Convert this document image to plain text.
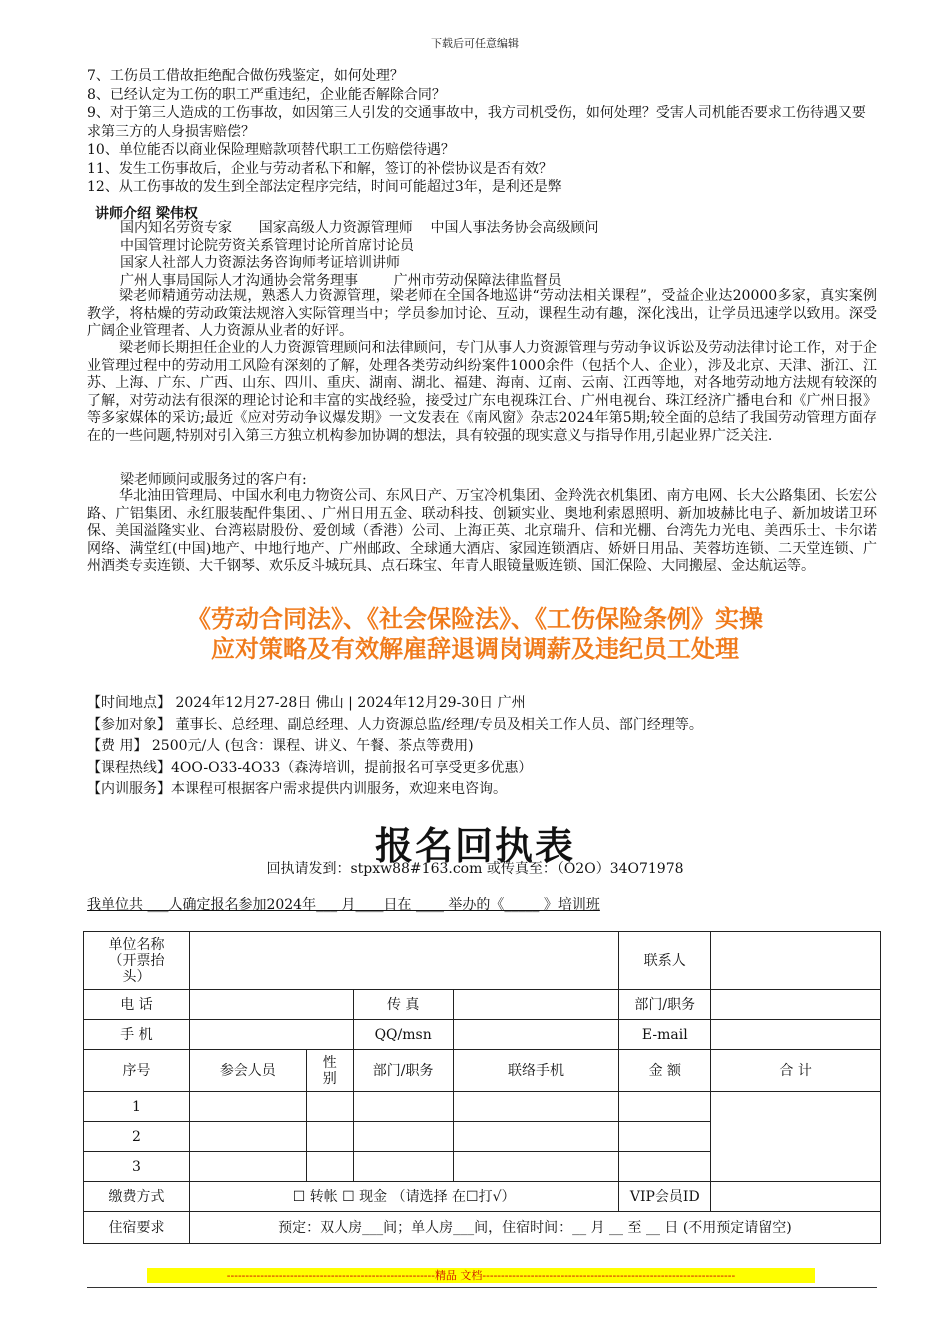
下载后可任意编辑
7、工伤员工借故拒绝配合做伤残鉴定，如何处理？
8、已经认定为工伤的职工严重违纪，企业能否解除合同？
9、对于第三人造成的工伤事故，如因第三人引发的交通事故中，我方司机受伤，如何处理？受害人司机能否要求工伤待遇又要求第三方的人身损害赔偿？
10、单位能否以商业保险理赔款项替代职工工伤赔偿待遇？
11、发生工伤事故后，企业与劳动者私下和解，签订的补偿协议是否有效？
12、从工伤事故的发生到全部法定程序完结，时间可能超过3年，是利还是弊
讲师介绍 梁伟权
国内知名劳资专家      国家高级人力资源管理师    中国人事法务协会高级顾问
中国管理讨论院劳资关系管理讨论所首席讨论员
国家人社部人力资源法务咨询师考证培训讲师
广州人事局国际人才沟通协会常务理事        广州市劳动保障法律监督员
梁老师精通劳动法规，熟悉人力资源管理，梁老师在全国各地巡讲“劳动法相关课程”，受益企业达20000多家，真实案例教学，将枯燥的劳动政策法规溶入实际管理当中；学员参加讨论、互动，课程生动有趣，深化浅出，让学员迅速学以致用。深受广阔企业管理者、人力资源从业者的好评。
梁老师长期担任企业的人力资源管理顾问和法律顾问，专门从事人力资源管理与劳动争议诉讼及劳动法律讨论工作，对于企业管理过程中的劳动用工风险有深刻的了解，处理各类劳动纠纷案件1000余件（包括个人、企业），涉及北京、天津、浙江、江苏、上海、广东、广西、山东、四川、重庆、湖南、湖北、福建、海南、辽南、云南、江西等地，对各地劳动地方法规有较深的了解，对劳动法有很深的理论讨论和丰富的实战经验，接受过广东电视珠江台、广州电视台、珠江经济广播电台和《广州日报》等多家媒体的采访;最近《应对劳动争议爆发期》一文发表在《南风窗》杂志2024年第5期;较全面的总结了我国劳动管理方面存在的一些问题,特别对引入第三方独立机构参加协调的想法，具有较强的现实意义与指导作用,引起业界广泛关注.
梁老师顾问或服务过的客户有:
华北油田管理局、中国水利电力物资公司、东风日产、万宝冷机集团、金羚洗衣机集团、南方电网、长大公路集团、长宏公路、广铝集团、永红服装配件集团、、广州日用五金、联动科技、创颖实业、奥地利索恩照明、新加坡赫比电子、新加坡诺卫环保、美国溢隆实业、台湾崧尉股份、爱创域（香港）公司、上海正英、北京瑞升、信和光棚、台湾先力光电、美西乐士、卡尔诺网络、满堂红(中国)地产、中地行地产、广州邮政、全球通大酒店、家园连锁酒店、娇妍日用品、芙蓉坊连锁、二天堂连锁、广州酒类专卖连锁、大千钢琴、欢乐反斗城玩具、点石珠宝、年青人眼镜量贩连锁、国汇保险、大同搬屋、金达航运等。
《劳动合同法》、《社会保险法》、《工伤保险条例》实操
应对策略及有效解雇辞退调岗调薪及违纪员工处理
【时间地点】 2024年12月27-28日 佛山 | 2024年12月29-30日 广州
【参加对象】 董事长、总经理、副总经理、人力资源总监/经理/专员及相关工作人员、部门经理等。
【费 用】 2500元/人 (包含：课程、讲义、午餐、茶点等费用)
【课程热线】4OO-O33-4O33（森涛培训，提前报名可享受更多优惠）
【内训服务】本课程可根据客户需求提供内训服务，欢迎来电咨询。
报名回执表
回执请发到：stpxw88#163.com 或传真至：（O2O）34O71978
我单位共 ___人确定报名参加2024年___ 月____日在 ____ 举办的《_____ 》培训班
单位名称（开票抬头）					联系人	
电 话			传 真		部门/职务	
手 机			QQ/msn		E-mail	
序号	参会人员	性别	部门/职务	联络手机	金 额	合 计
1						
2						
3						
缴费方式	☐ 转帐 ☐ 现金 （请选择 在☐打√）				VIP会员ID	
住宿要求	预定：双人房___间；单人房___间，住宿时间：__ 月 __ 至 __ 日 (不用预定请留空)					
--------------------------------------------------------精品 文档--------------------------------------------------------------------
